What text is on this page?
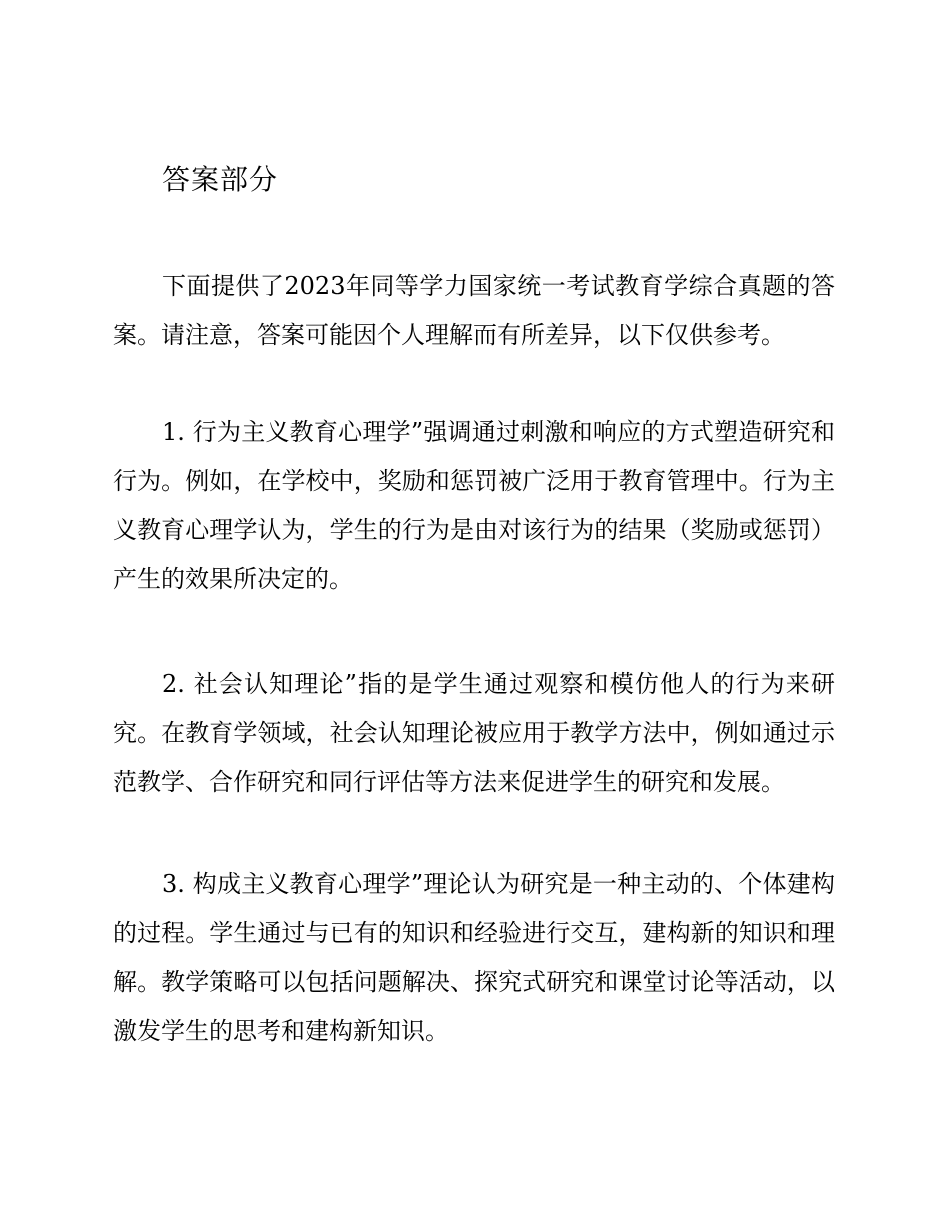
答案部分

下面提供了2023年同等学力国家统一考试教育学综合真题的答案。请注意，答案可能因个人理解而有所差异，以下仅供参考。

1. 行为主义教育心理学”强调通过刺激和响应的方式塑造研究和行为。例如，在学校中，奖励和惩罚被广泛用于教育管理中。行为主义教育心理学认为，学生的行为是由对该行为的结果（奖励或惩罚）产生的效果所决定的。

2. 社会认知理论”指的是学生通过观察和模仿他人的行为来研究。在教育学领域，社会认知理论被应用于教学方法中，例如通过示范教学、合作研究和同行评估等方法来促进学生的研究和发展。

3. 构成主义教育心理学”理论认为研究是一种主动的、个体建构的过程。学生通过与已有的知识和经验进行交互，建构新的知识和理解。教学策略可以包括问题解决、探究式研究和课堂讨论等活动，以激发学生的思考和建构新知识。
